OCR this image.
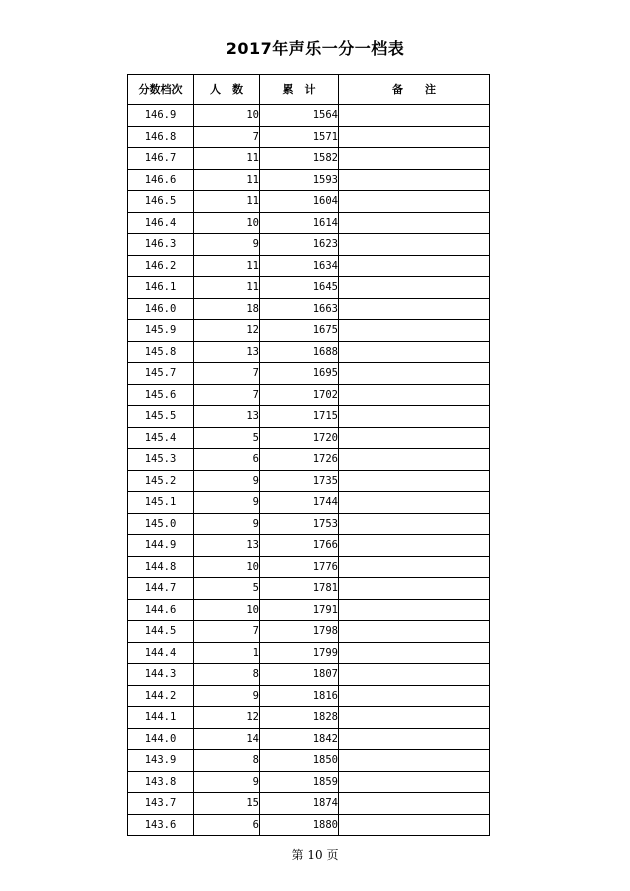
2017年声乐一分一档表
分数档次	人　数	累　计	备　　注
146.9	10	1564	
146.8	7	1571	
146.7	11	1582	
146.6	11	1593	
146.5	11	1604	
146.4	10	1614	
146.3	9	1623	
146.2	11	1634	
146.1	11	1645	
146.0	18	1663	
145.9	12	1675	
145.8	13	1688	
145.7	7	1695	
145.6	7	1702	
145.5	13	1715	
145.4	5	1720	
145.3	6	1726	
145.2	9	1735	
145.1	9	1744	
145.0	9	1753	
144.9	13	1766	
144.8	10	1776	
144.7	5	1781	
144.6	10	1791	
144.5	7	1798	
144.4	1	1799	
144.3	8	1807	
144.2	9	1816	
144.1	12	1828	
144.0	14	1842	
143.9	8	1850	
143.8	9	1859	
143.7	15	1874	
143.6	6	1880	
第 10 页
